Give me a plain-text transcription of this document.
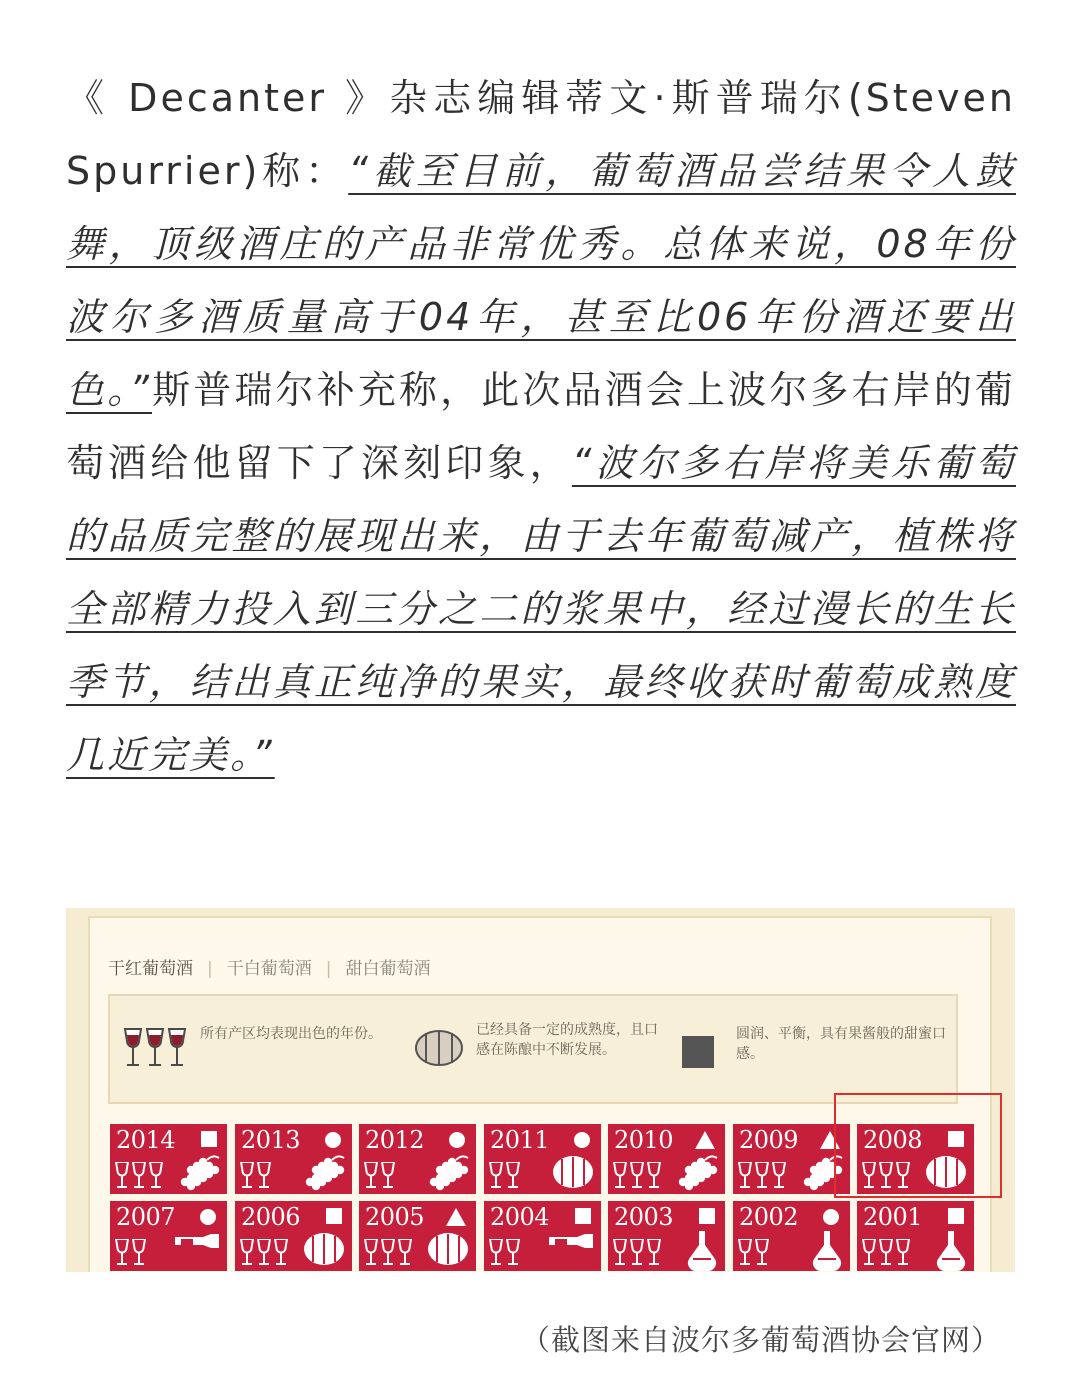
《 Decanter 》杂志编辑蒂文·斯普瑞尔(Steven Spurrier)称：“截至目前，葡萄酒品尝结果令人鼓舞，顶级酒庄的产品非常优秀。总体来说，08年份波尔多酒质量高于04年，甚至比06年份酒还要出色。”斯普瑞尔补充称，此次品酒会上波尔多右岸的葡萄酒给他留下了深刻印象，“波尔多右岸将美乐葡萄的品质完整的展现出来，由于去年葡萄减产，植株将全部精力投入到三分之二的浆果中，经过漫长的生长季节，结出真正纯净的果实，最终收获时葡萄成熟度几近完美。”
干红葡萄酒 | 干白葡萄酒 | 甜白葡萄酒
所有产区均表现出色的年份。	已经具备一定的成熟度，且口感在陈酿中不断发展。
圆润、平衡，具有果酱般的甜蜜口感。
2014	2013	2012	2011	2010	2009	2008
2007	2006	2005	2004	2003	2002	2001
（截图来自波尔多葡萄酒协会官网）
